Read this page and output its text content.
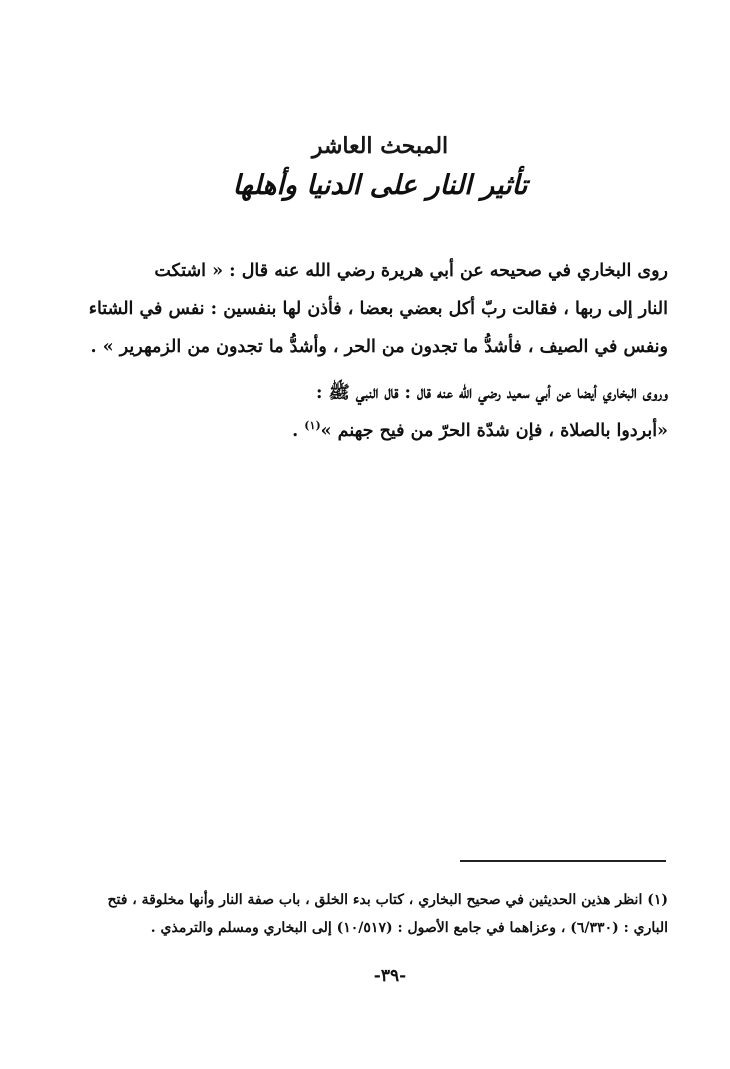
المبحث العاشر
تأثير النار على الدنيا وأهلها
روى البخاري في صحيحه عن أبي هريرة رضي الله عنه قال : « اشتكت
النار إلى ربها ، فقالت ربّ أكل بعضي بعضا ، فأذن لها بنفسين : نفس في الشتاء
ونفس في الصيف ، فأشدُّ ما تجدون من الحر ، وأشدُّ ما تجدون من الزمهرير » .
وروى البخاري أيضا عن أبي سعيد رضي الله عنه قال : قال النبي ﷺ :
«أبردوا بالصلاة ، فإن شدّة الحرّ من فيح جهنم »$^{(١)}$ .
(١) انظر هذين الحديثين في صحيح البخاري ، كتاب بدء الخلق ، باب صفة النار وأنها مخلوقة ، فتح
الباري : (٦/٣٣٠) ، وعزاهما في جامع الأصول : (١٠/٥١٧) إلى البخاري ومسلم والترمذي .
-٣٩-
